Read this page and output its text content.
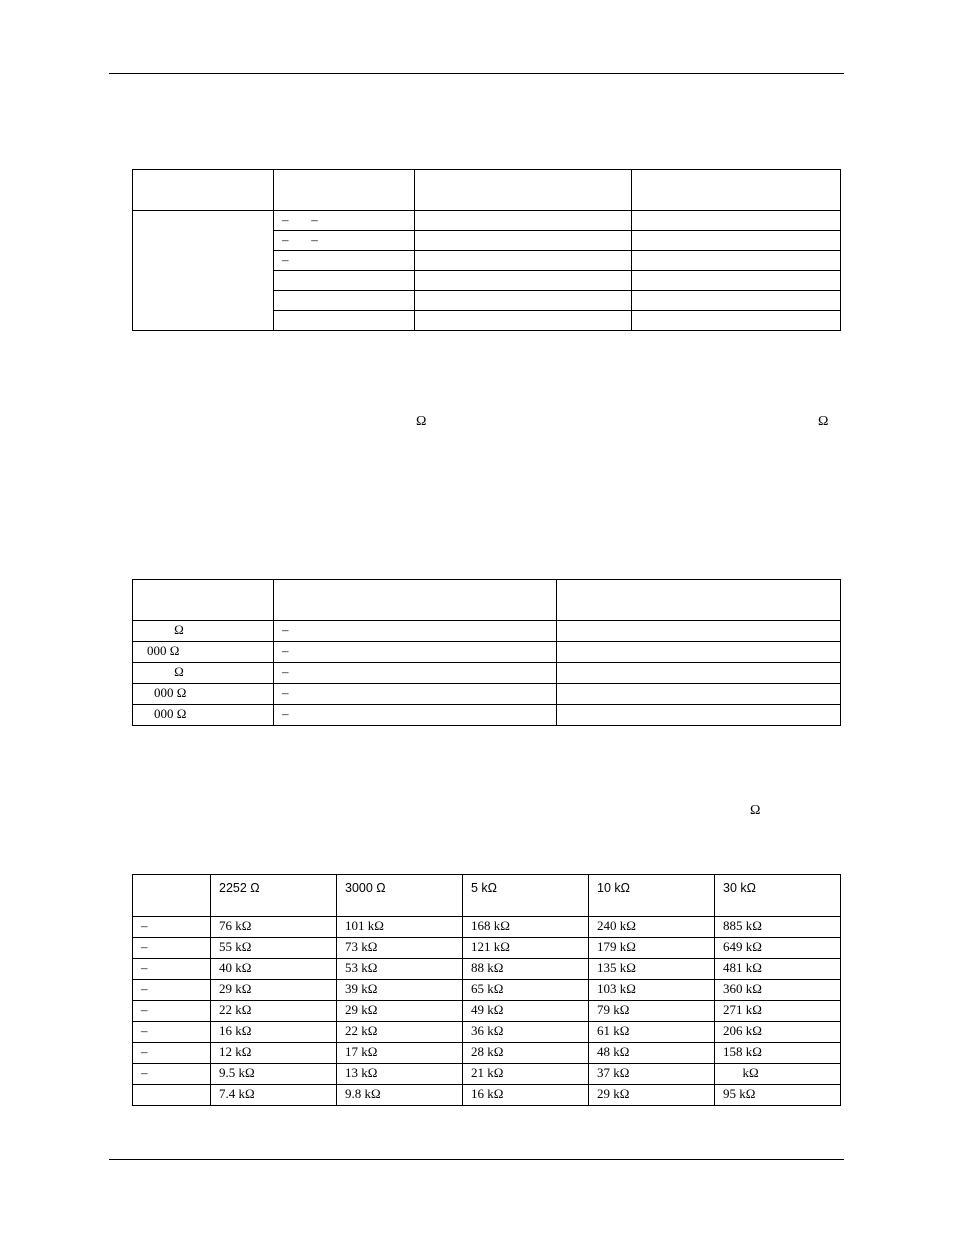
	–       –		
	–       –		
	–		

Ω	Ω

Ω	–	
000 Ω	–	
Ω	–	
000 Ω	–	
000 Ω	–	
Ω
	2252 Ω	3000 Ω	5 kΩ	10 kΩ	30 kΩ
–	76 kΩ	101 kΩ	168 kΩ	240 kΩ	885 kΩ
–	55 kΩ	73 kΩ	121 kΩ	179 kΩ	649 kΩ
–	40 kΩ	53 kΩ	88 kΩ	135 kΩ	481 kΩ
–	29 kΩ	39 kΩ	65 kΩ	103 kΩ	360 kΩ
–	22 kΩ	29 kΩ	49 kΩ	79 kΩ	271 kΩ
–	16 kΩ	22 kΩ	36 kΩ	61 kΩ	206 kΩ
–	12 kΩ	17 kΩ	28 kΩ	48 kΩ	158 kΩ
–	9.5 kΩ	13 kΩ	21 kΩ	37 kΩ	kΩ
	7.4 kΩ	9.8 kΩ	16 kΩ	29 kΩ	95 kΩ
